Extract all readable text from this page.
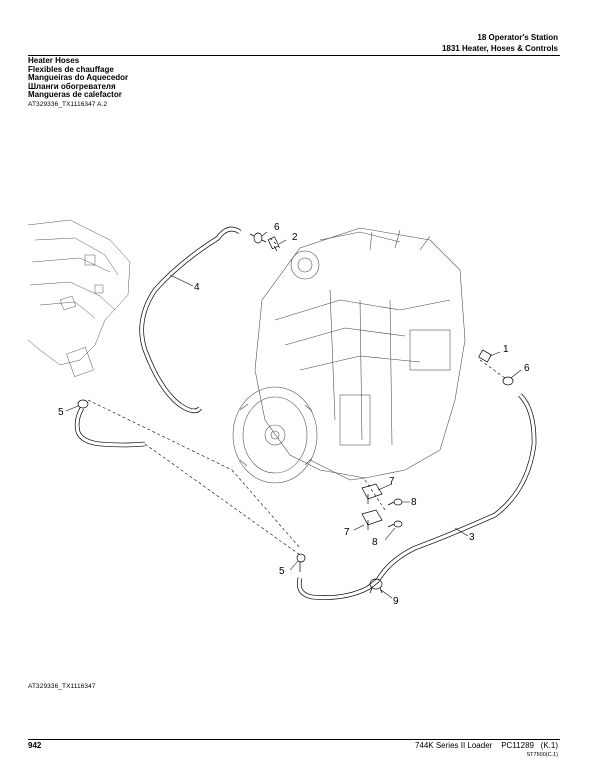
18 Operator's Station
1831 Heater, Hoses & Controls
Heater Hoses
Flexibles de chauffage
Mangueiras do Aquecedor
Шланги обогревателя
Mangueras de calefactor
AT329336_TX1116347 A.2
6
2
1
6
4
5
7
8
7
8	3
5
9
AT329336_TX1116347
942	744K Series II Loader PC11289 (K.1)
ST7500(C.1)
